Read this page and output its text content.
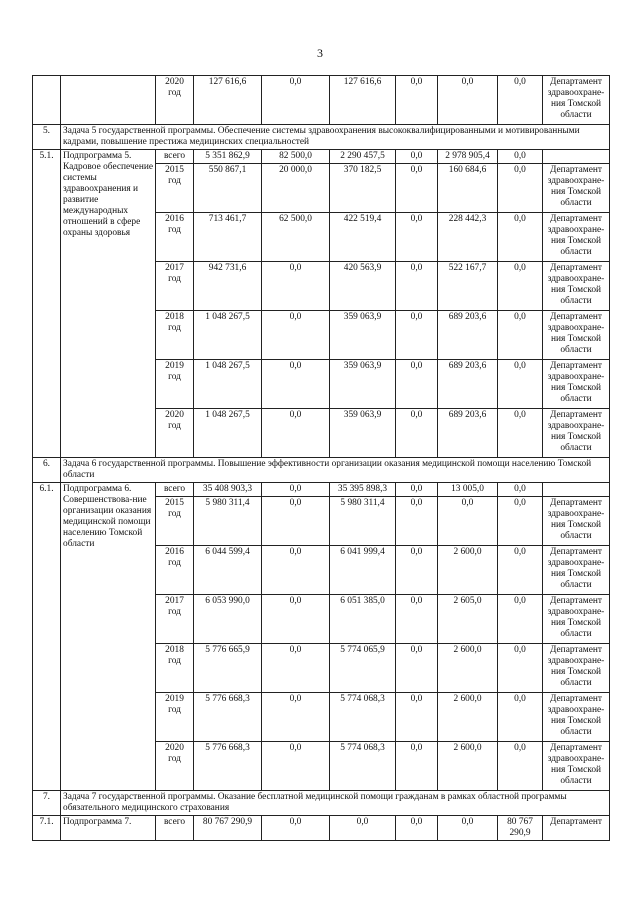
3
		2020 год	127 616,6	0,0	127 616,6	0,0	0,0	0,0	Департамент здравоохране-ния Томской области
5.	Задача 5 государственной программы. Обеспечение системы здравоохранения высококвалифицированными и мотивированными кадрами, повышение престижа медицинских специальностей								
5.1.	Подпрограмма 5. Кадровое обеспечение системы здравоохранения и развитие международных отношений в сфере охраны здоровья	всего	5 351 862,9	82 500,0	2 290 457,5	0,0	2 978 905,4	0,0	
		2015 год	550 867,1	20 000,0	370 182,5	0,0	160 684,6	0,0	Департамент здравоохране-ния Томской области
		2016 год	713 461,7	62 500,0	422 519,4	0,0	228 442,3	0,0	Департамент здравоохране-ния Томской области
		2017 год	942 731,6	0,0	420 563,9	0,0	522 167,7	0,0	Департамент здравоохране-ния Томской области
		2018 год	1 048 267,5	0,0	359 063,9	0,0	689 203,6	0,0	Департамент здравоохране-ния Томской области
		2019 год	1 048 267,5	0,0	359 063,9	0,0	689 203,6	0,0	Департамент здравоохране-ния Томской области
		2020 год	1 048 267,5	0,0	359 063,9	0,0	689 203,6	0,0	Департамент здравоохране-ния Томской области
6.	Задача 6 государственной программы. Повышение эффективности организации оказания медицинской помощи населению Томской области								
6.1.	Подпрограмма 6. Совершенствова-ние организации оказания медицинской помощи населению Томской области	всего	35 408 903,3	0,0	35 395 898,3	0,0	13 005,0	0,0	
		2015 год	5 980 311,4	0,0	5 980 311,4	0,0	0,0	0,0	Департамент здравоохране-ния Томской области
		2016 год	6 044 599,4	0,0	6 041 999,4	0,0	2 600,0	0,0	Департамент здравоохране-ния Томской области
		2017 год	6 053 990,0	0,0	6 051 385,0	0,0	2 605,0	0,0	Департамент здравоохране-ния Томской области
		2018 год	5 776 665,9	0,0	5 774 065,9	0,0	2 600,0	0,0	Департамент здравоохране-ния Томской области
		2019 год	5 776 668,3	0,0	5 774 068,3	0,0	2 600,0	0,0	Департамент здравоохране-ния Томской области
		2020 год	5 776 668,3	0,0	5 774 068,3	0,0	2 600,0	0,0	Департамент здравоохране-ния Томской области
7.	Задача 7 государственной программы. Оказание бесплатной медицинской помощи гражданам в рамках областной программы обязательного медицинского страхования								
7.1.	Подпрограмма 7.	всего	80 767 290,9	0,0	0,0	0,0	0,0	80 767 290,9	Департамент
